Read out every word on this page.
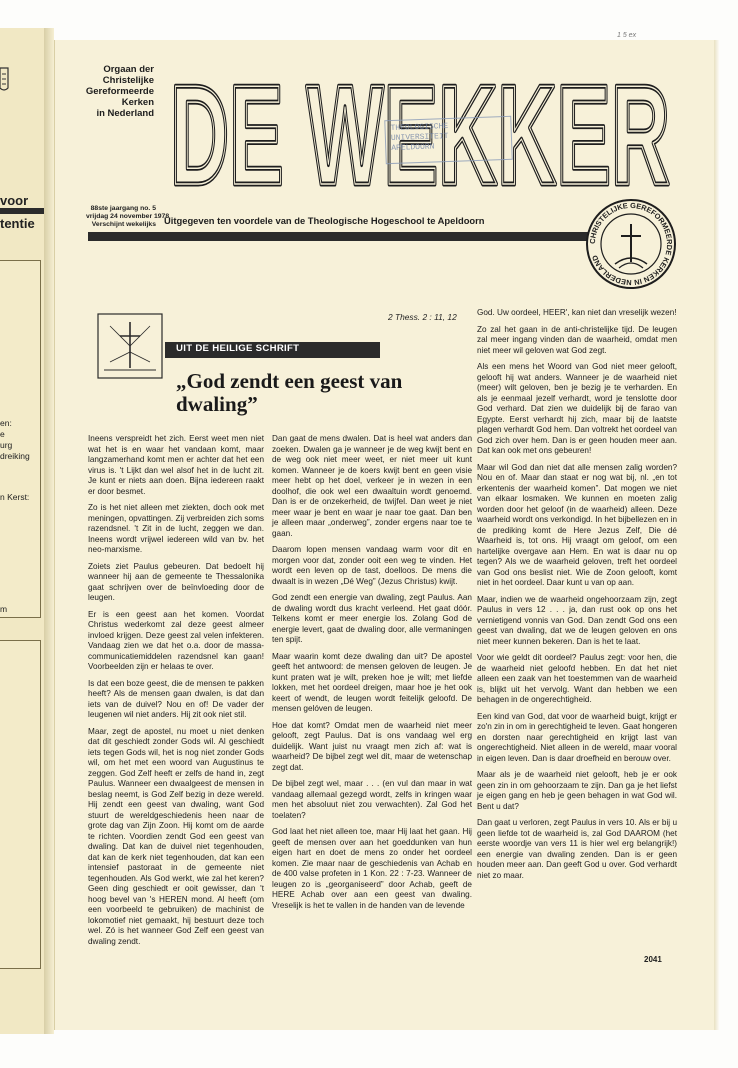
voor
tentie
en:
e
urg
dreiking
n Kerst:
m
1 5 ex
Orgaan der
Christelijke
Gereformeerde
Kerken
in Nederland DE WEKKER
DE WEKKER
THEOLOGISCHE
UNIVERSITEIT
APELDOORN
88ste jaargang no. 5
vrijdag 24 november 1978
Verschijnt wekelijks Uitgegeven ten voordele van de Theologische Hogeschool te Apeldoorn
CHRISTELIJKE GEREFORMEERDE KERKEN IN NEDERLAND
UIT DE HEILIGE SCHRIFT
„God zendt een geest van dwaling”
2 Thess. 2 : 11, 12

Ineens verspreidt het zich. Eerst weet men niet wat het is en waar het vandaan komt, maar langzamerhand komt men er achter dat het een virus is. 't Lijkt dan wel alsof het in de lucht zit. Je kunt er niets aan doen. Bijna iedereen raakt er door besmet.

Zo is het niet alleen met ziekten, doch ook met meningen, opvattingen. Zij verbreiden zich soms razendsnel. 't Zit in de lucht, zeggen we dan. Ineens wordt vrijwel iedereen wild van bv. het neo-marxisme.

Zoiets ziet Paulus gebeuren. Dat bedoelt hij wanneer hij aan de gemeente te Thessalonika gaat schrijven over de beïnvloeding door de leugen.

Er is een geest aan het komen. Voordat Christus wederkomt zal deze geest almeer invloed krijgen. Deze geest zal velen infekteren. Vandaag zien we dat het o.a. door de massa-communicatiemiddelen razendsnel kan gaan! Voorbeelden zijn er helaas te over.

Is dat een boze geest, die de mensen te pakken heeft? Als de mensen gaan dwalen, is dat dan iets van de duivel? Nou en of! De vader der leugenen wil niet anders. Hij zit ook niet stil.

Maar, zegt de apostel, nu moet u niet denken dat dit geschiedt zonder Gods wil. Al geschiedt iets tegen Gods wil, het is nog niet zonder Gods wil, om het met een woord van Augustinus te zeggen. God Zelf heeft er zelfs de hand in, zegt Paulus. Wanneer een dwaalgeest de mensen in beslag neemt, is God Zelf bezig in deze wereld. Hij zendt een geest van dwaling, want God stuurt de wereldgeschiedenis heen naar de grote dag van Zijn Zoon. Hij komt om de aarde te richten. Voordien zendt God een geest van dwaling. Dat kan de duivel niet tegenhouden, dat kan de kerk niet tegenhouden, dat kan een intensief pastoraat in de gemeente niet tegenhouden. Als God werkt, wie zal het keren? Geen ding geschiedt er ooit gewisser, dan 't hoog bevel van 's HEREN mond. Al heeft (om een voorbeeld te gebruiken) de machinist de lokomotief niet gemaakt, hij bestuurt deze toch wel. Zó is het wanneer God Zelf een geest van dwaling zendt.

Dan gaat de mens dwalen. Dat is heel wat anders dan zoeken. Dwalen ga je wanneer je de weg kwijt bent en de weg ook niet meer weet, er niet meer uit kunt komen. Wanneer je de koers kwijt bent en geen visie meer hebt op het doel, verkeer je in wezen in een doolhof, die ook wel een dwaaltuin wordt genoemd. Dan is er de onzekerheid, de twijfel. Dan weet je niet meer waar je bent en waar je naar toe gaat. Dan ben je alleen maar „onderweg”, zonder ergens naar toe te gaan.

Daarom lopen mensen vandaag warm voor dit en morgen voor dat, zonder ooit een weg te vinden. Het wordt een leven op de tast, doelloos. De mens die dwaalt is in wezen „Dé Weg” (Jezus Christus) kwijt.

God zendt een energie van dwaling, zegt Paulus. Aan de dwaling wordt dus kracht verleend. Het gaat dóór. Telkens komt er meer energie los. Zolang God de energie levert, gaat de dwaling door, alle vermaningen ten spijt.

Maar waarin komt deze dwaling dan uit? De apostel geeft het antwoord: de mensen geloven de leugen. Je kunt praten wat je wilt, preken hoe je wilt; met liefde lokken, met het oordeel dreigen, maar hoe je het ook keert of wendt, de leugen wordt feitelijk geloofd. De mensen gelóven de leugen.

Hoe dat komt? Omdat men de waarheid niet meer gelooft, zegt Paulus. Dat is ons vandaag wel erg duidelijk. Want juist nu vraagt men zich af: wat is waarheid? De bijbel zegt wel dit, maar de wetenschap zegt dat.

De bijbel zegt wel, maar . . . (en vul dan maar in wat vandaag allemaal gezegd wordt, zelfs in kringen waar men het absoluut niet zou verwachten). Zal God het toelaten?

God laat het niet alleen toe, maar Hij laat het gaan. Hij geeft de mensen over aan het goeddunken van hun eigen hart en doet de mens zo onder het oordeel komen. Zie maar naar de geschiedenis van Achab en de 400 valse profeten in 1 Kon. 22 : 7-23. Wanneer de leugen zo is „georganiseerd” door Achab, geeft de HERE Achab over aan een geest van dwaling. Vreselijk is het te vallen in de handen van de levende

God. Uw oordeel, HEER', kan niet dan vreselijk wezen!

Zo zal het gaan in de anti-christelijke tijd. De leugen zal meer ingang vinden dan de waarheid, omdat men niet meer wil geloven wat God zegt.

Als een mens het Woord van God niet meer gelooft, gelooft hij wat anders. Wanneer je de waarheid niet (meer) wilt geloven, ben je bezig je te verharden. En als je eenmaal jezelf verhardt, word je tenslotte door God verhard. Dat zien we duidelijk bij de farao van Egypte. Eerst verhardt hij zich, maar bij de laatste plagen verhardt God hem. Dan voltrekt het oordeel van God zich over hem. Dan is er geen houden meer aan. Dat kan ook met ons gebeuren!

Maar wil God dan niet dat alle mensen zalig worden? Nou en of. Maar dan staat er nog wat bij, nl. „en tot erkentenis der waarheid komen”. Dat mogen we niet van elkaar losmaken. We kunnen en moeten zalig worden door het geloof (in de waarheid) alleen. Deze waarheid wordt ons verkondigd. In het bijbellezen en in de prediking komt de Here Jezus Zelf, Die dé Waarheid is, tot ons. Hij vraagt om geloof, om een hartelijke overgave aan Hem. En wat is daar nu op tegen? Als we de waarheid geloven, treft het oordeel van God ons beslist niet. Wie de Zoon gelooft, komt niet in het oordeel. Daar kunt u van op aan.

Maar, indien we de waarheid ongehoorzaam zijn, zegt Paulus in vers 12 . . . ja, dan rust ook op ons het vernietigend vonnis van God. Dan zendt God ons een geest van dwaling, dat we de leugen geloven en ons niet meer kunnen bekeren. Dan is het te laat.

Voor wie geldt dit oordeel? Paulus zegt: voor hen, die de waarheid niet geloofd hebben. En dat het niet alleen een zaak van het toestemmen van de waarheid is, blijkt uit het vervolg. Want dan hebben we een behagen in de ongerechtigheid.

Een kind van God, dat voor de waarheid buigt, krijgt er zo'n zin in om in gerechtigheid te leven. Gaat hongeren en dorsten naar gerechtigheid en krijgt last van ongerechtigheid. Niet alleen in de wereld, maar vooral in eigen leven. Dan is daar droefheid en berouw over.

Maar als je de waarheid niet gelooft, heb je er ook geen zin in om gehoorzaam te zijn. Dan ga je het liefst je eigen gang en heb je geen behagen in wat God wil. Bent u dat?

Dan gaat u verloren, zegt Paulus in vers 10. Als er bij u geen liefde tot de waarheid is, zal God DAAROM (het eerste woordje van vers 11 is hier wel erg belangrijk!) een energie van dwaling zenden. Dan is er geen houden meer aan. Dan geeft God u over. God verhardt niet zo maar.

2041
